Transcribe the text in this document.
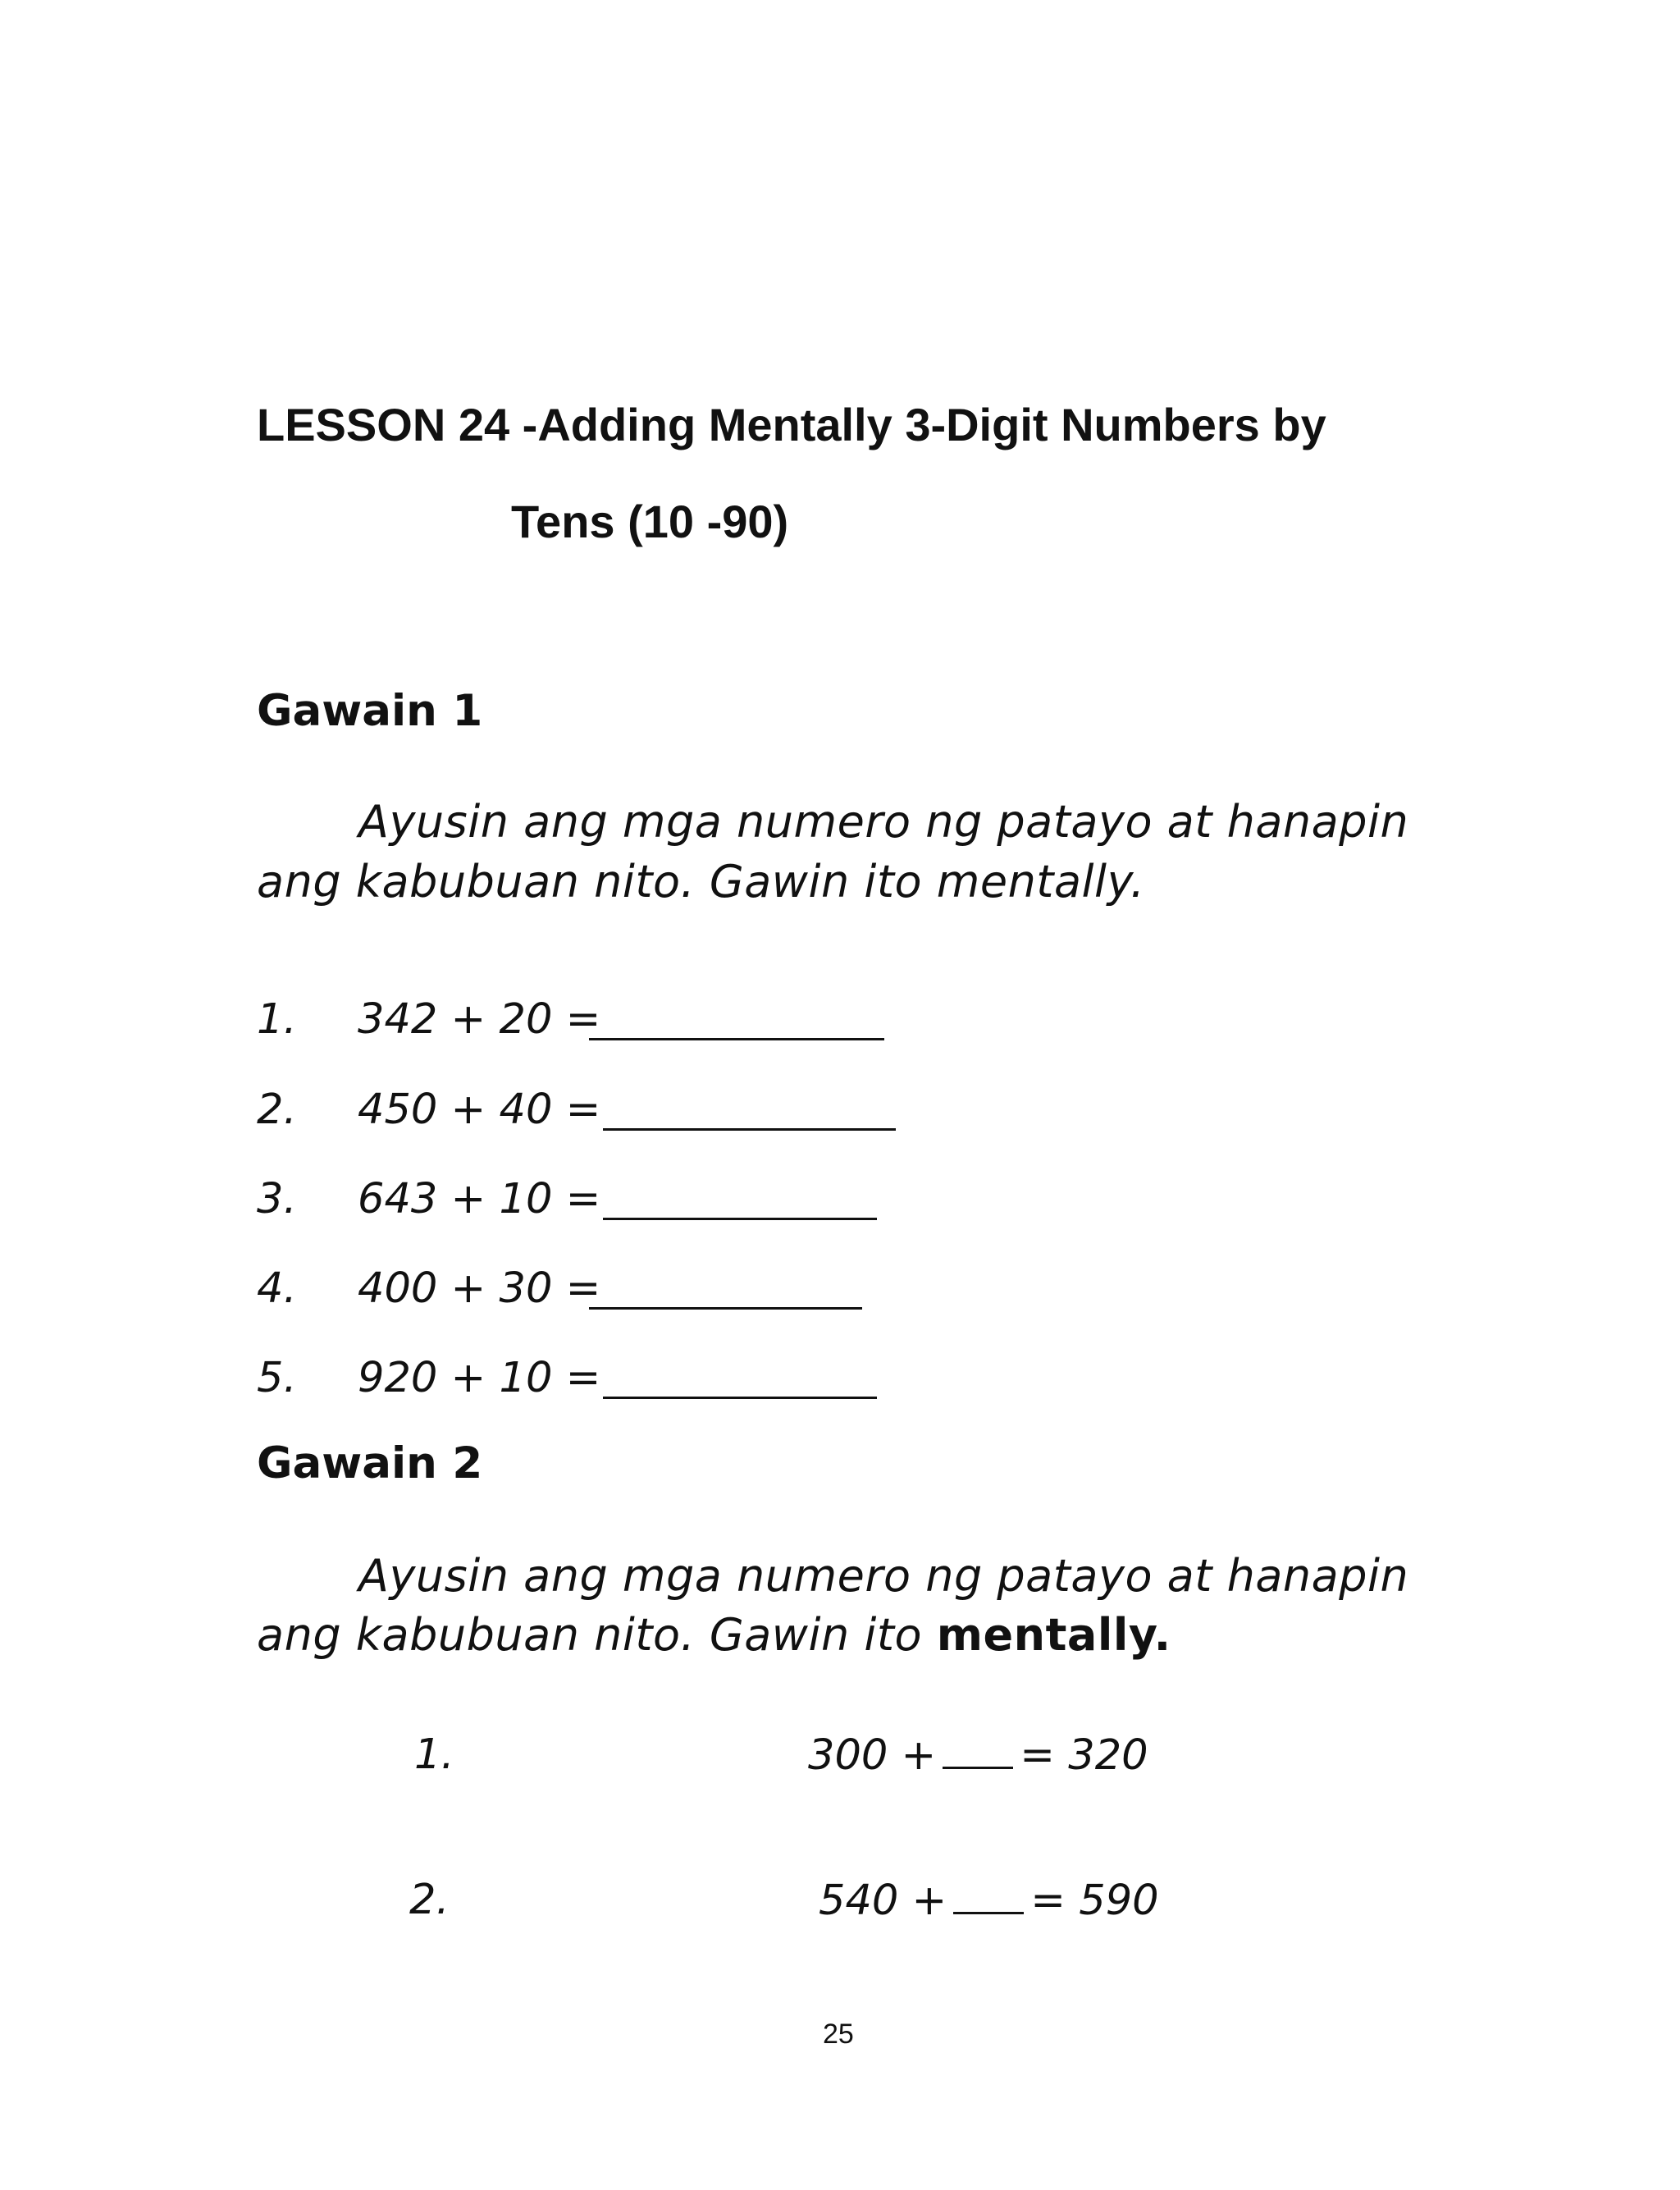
LESSON 24 -Adding Mentally 3-Digit Numbers by
Tens (10 -90)
Gawain 1
Ayusin ang mga numero ng patayo at hanapin
ang kabubuan nito. Gawin ito mentally.
1. 342 + 20 =
2. 450 + 40 =
3. 643 + 10 =
4. 400 + 30 =
5. 920 + 10 =
Gawain 2
Ayusin ang mga numero ng patayo at hanapin
ang kabubuan nito. Gawin ito mentally.
1.	300 + = 320
2.	540 + = 590
25
